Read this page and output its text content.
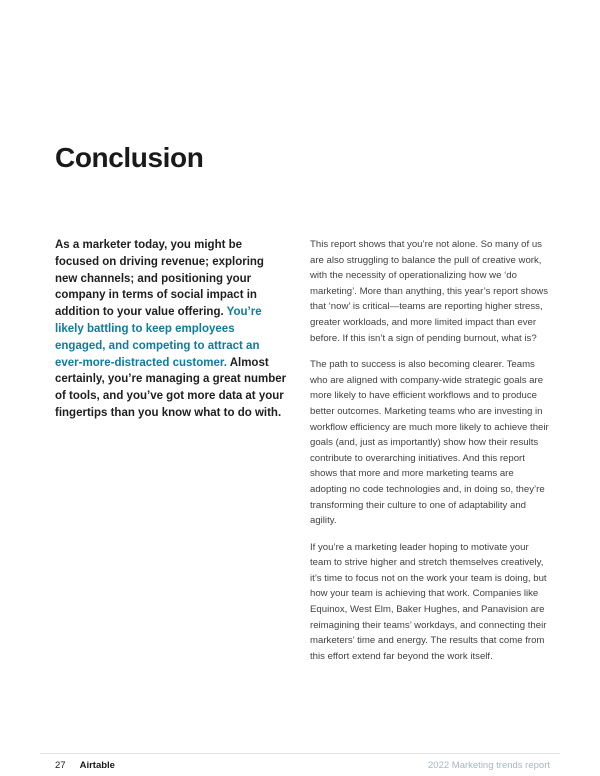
Conclusion

As a marketer today, you might be focused on driving revenue; exploring new channels; and positioning your company in terms of social impact in addition to your value offering. You’re likely battling to keep employees engaged, and competing to attract an ever-more-distracted customer. Almost certainly, you’re managing a great number of tools, and you’ve got more data at your fingertips than you know what to do with.

This report shows that you’re not alone. So many of us are also struggling to balance the pull of creative work, with the necessity of operationalizing how we ‘do marketing’. More than anything, this year’s report shows that ‘now’ is critical—teams are reporting higher stress, greater workloads, and more limited impact than ever before. If this isn’t a sign of pending burnout, what is?

The path to success is also becoming clearer. Teams who are aligned with company-wide strategic goals are more likely to have efficient workflows and to produce better outcomes. Marketing teams who are investing in workflow efficiency are much more likely to achieve their goals (and, just as importantly) show how their results contribute to overarching initiatives. And this report shows that more and more marketing teams are adopting no code technologies and, in doing so, they’re transforming their culture to one of adaptability and agility.

If you’re a marketing leader hoping to motivate your team to strive higher and stretch themselves creatively, it’s time to focus not on the work your team is doing, but how your team is achieving that work. Companies like Equinox, West Elm, Baker Hughes, and Panavision are reimagining their teams’ workdays, and connecting their marketers’ time and energy. The results that come from this effort extend far beyond the work itself.

27 Airtable	2022 Marketing trends report
